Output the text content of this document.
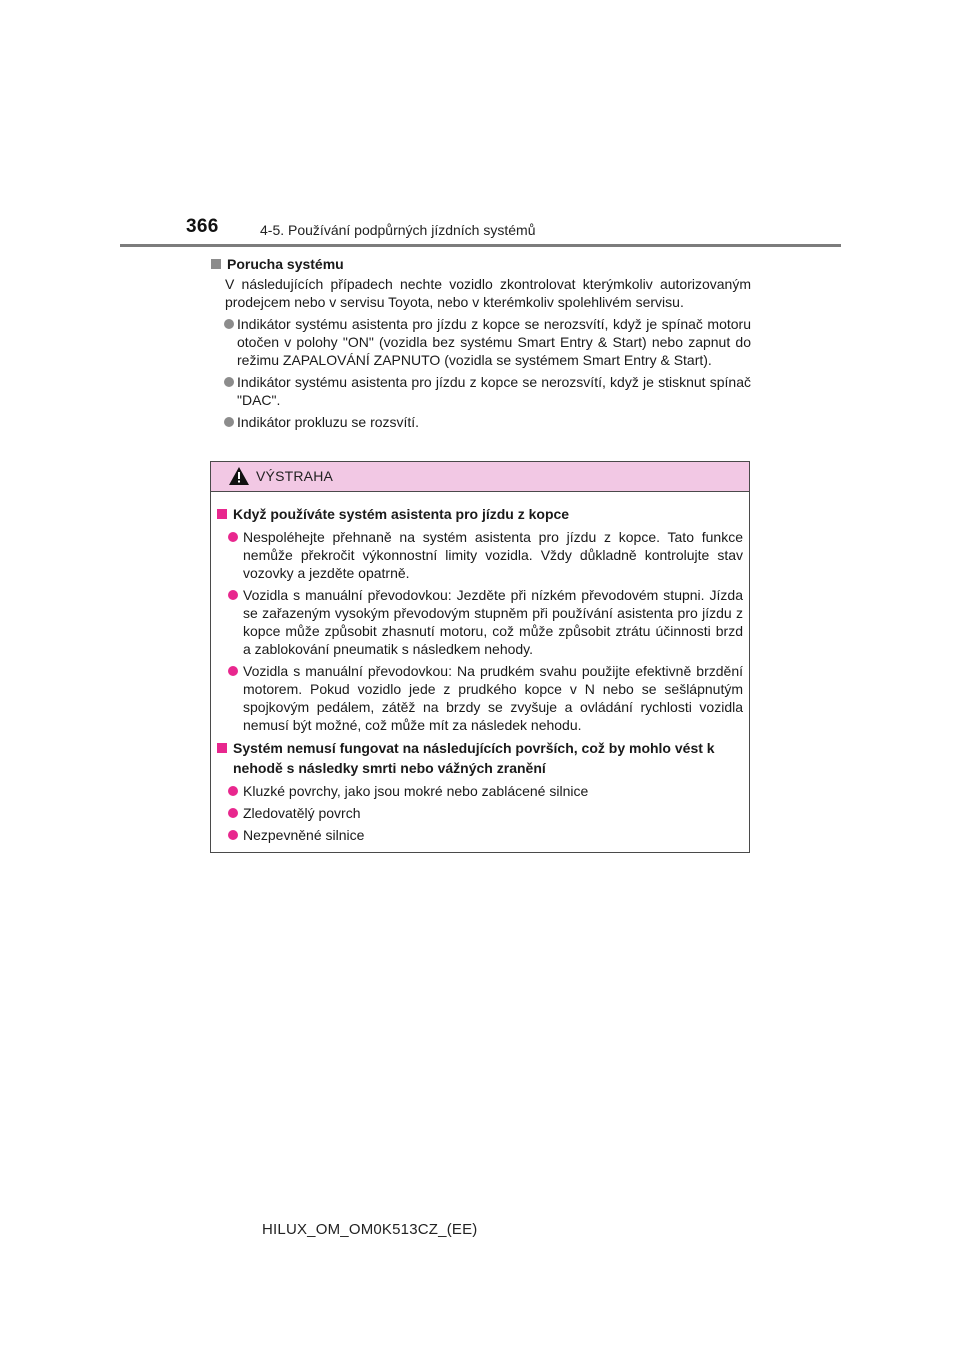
366	4-5. Používání podpůrných jízdních systémů
Porucha systému
V následujících případech nechte vozidlo zkontrolovat kterýmkoliv autorizovaným prodejcem nebo v servisu Toyota, nebo v kterémkoliv spolehlivém servisu.
Indikátor systému asistenta pro jízdu z kopce se nerozsvítí, když je spínač motoru otočen v polohy "ON" (vozidla bez systému Smart Entry & Start) nebo zapnut do režimu ZAPALOVÁNÍ ZAPNUTO (vozidla se systémem Smart Entry & Start).
Indikátor systému asistenta pro jízdu z kopce se nerozsvítí, když je stisknut spínač "DAC".
Indikátor prokluzu se rozsvítí.
VÝSTRAHA
Když používáte systém asistenta pro jízdu z kopce
Nespoléhejte přehnaně na systém asistenta pro jízdu z kopce. Tato funkce nemůže překročit výkonnostní limity vozidla. Vždy důkladně kontrolujte stav vozovky a jezděte opatrně.
Vozidla s manuální převodovkou: Jezděte při nízkém převodovém stupni. Jízda se zařazeným vysokým převodovým stupněm při používání asistenta pro jízdu z kopce může způsobit zhasnutí motoru, což může způsobit ztrátu účinnosti brzd a zablokování pneumatik s následkem nehody.
Vozidla s manuální převodovkou: Na prudkém svahu použijte efektivně brzdění motorem. Pokud vozidlo jede z prudkého kopce v N nebo se sešlápnutým spojkovým pedálem, zátěž na brzdy se zvyšuje a ovládání rychlosti vozidla nemusí být možné, což může mít za následek nehodu.
Systém nemusí fungovat na následujících površích, což by mohlo vést k nehodě s následky smrti nebo vážných zranění
Kluzké povrchy, jako jsou mokré nebo zablácené silnice
Zledovatělý povrch
Nezpevněné silnice
HILUX_OM_OM0K513CZ_(EE)
